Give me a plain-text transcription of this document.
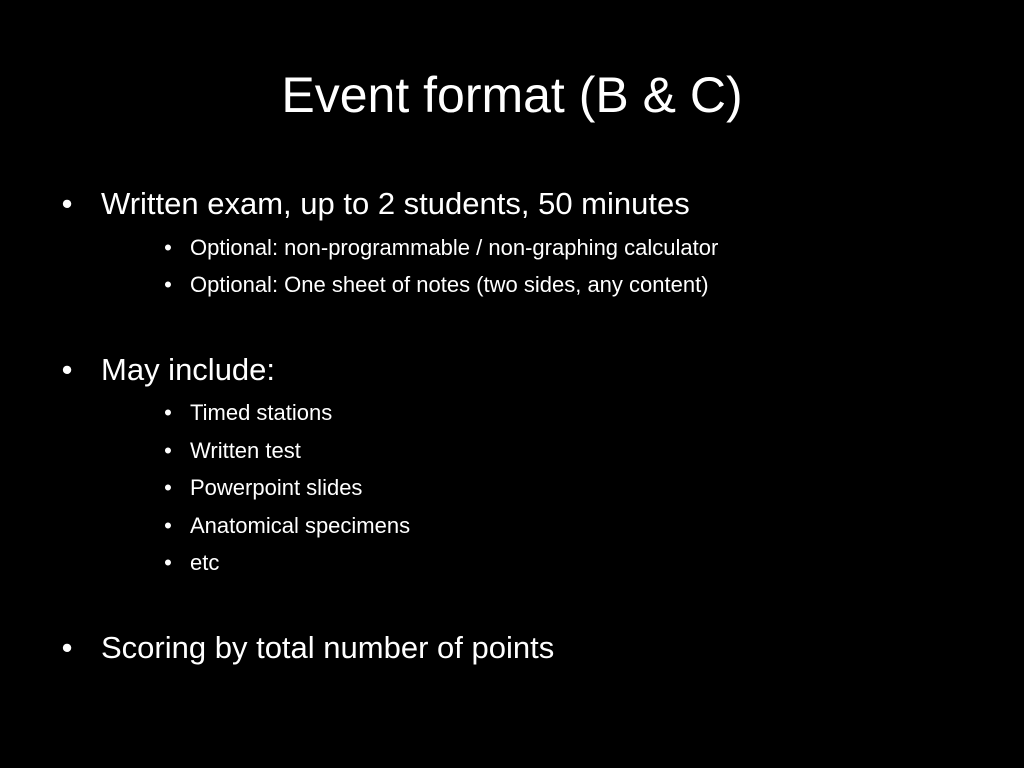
Event format (B & C)
• Written exam, up to 2 students, 50 minutes
• Optional: non-programmable / non-graphing calculator
• Optional: One sheet of notes (two sides, any content)
• May include:
• Timed stations
• Written test
• Powerpoint slides
• Anatomical specimens
• etc
• Scoring by total number of points
